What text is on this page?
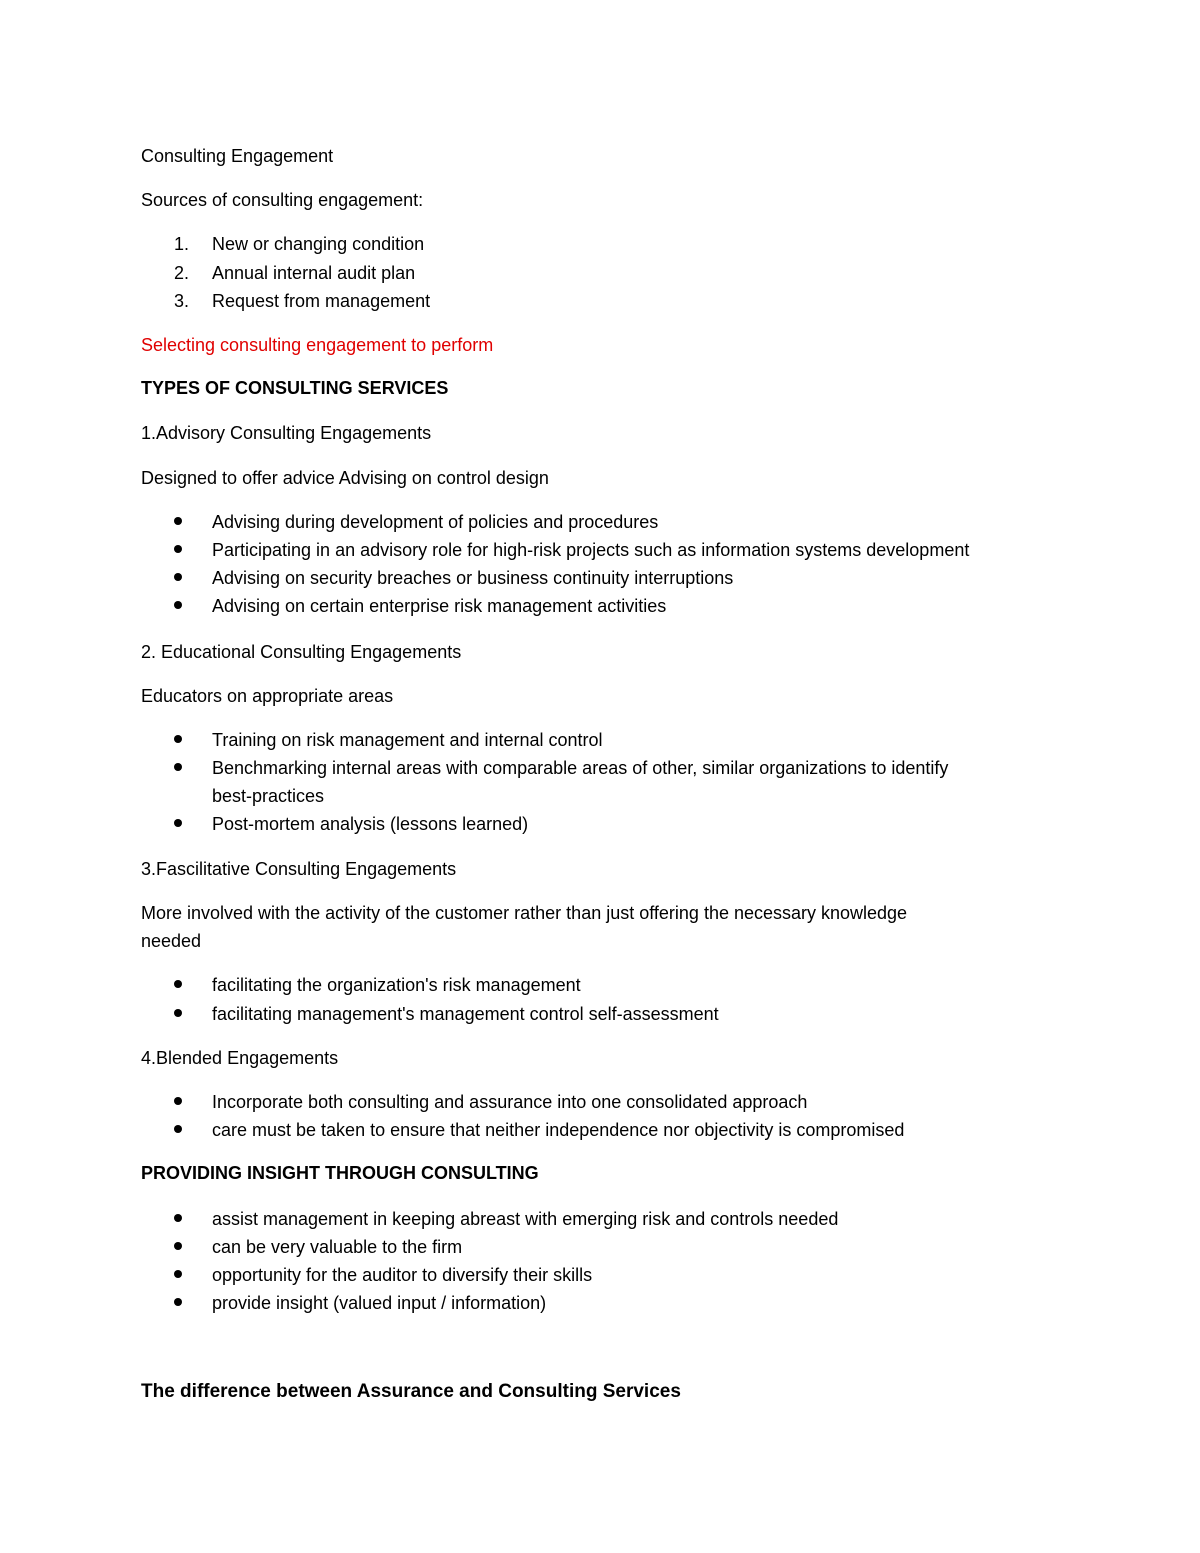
Consulting Engagement
Sources of consulting engagement:
1. New or changing condition
2. Annual internal audit plan
3. Request from management
Selecting consulting engagement to perform
TYPES OF CONSULTING SERVICES
1.Advisory Consulting Engagements
Designed to offer advice Advising on control design
Advising during development of policies and procedures
Participating in an advisory role for high-risk projects such as information systems development
Advising on security breaches or business continuity interruptions
Advising on certain enterprise risk management activities
2. Educational Consulting Engagements
Educators on appropriate areas
Training on risk management and internal control
Benchmarking internal areas with comparable areas of other, similar organizations to identify
best-practices
Post-mortem analysis (lessons learned)
3.Fascilitative Consulting Engagements
More involved with the activity of the customer rather than just offering the necessary knowledge
needed
facilitating the organization's risk management
facilitating management's management control self-assessment
4.Blended Engagements
Incorporate both consulting and assurance into one consolidated approach
care must be taken to ensure that neither independence nor objectivity is compromised
PROVIDING INSIGHT THROUGH CONSULTING
assist management in keeping abreast with emerging risk and controls needed
can be very valuable to the firm
opportunity for the auditor to diversify their skills
provide insight (valued input / information)
The difference between Assurance and Consulting Services
